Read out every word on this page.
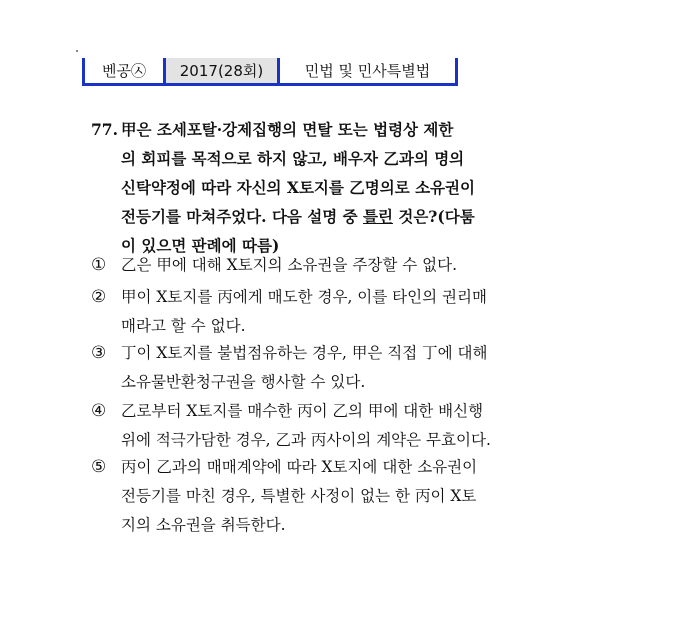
벤공㉦	2017(28회)	민법 및 민사특별법
77. 甲은 조세포탈·강제집행의 면탈 또는 법령상 제한
의 회피를 목적으로 하지 않고, 배우자 乙과의 명의
신탁약정에 따라 자신의 X토지를 乙명의로 소유권이
전등기를 마쳐주었다. 다음 설명 중 틀린 것은?(다툼
이 있으면 판례에 따름)
① 乙은 甲에 대해 X토지의 소유권을 주장할 수 없다.
② 甲이 X토지를 丙에게 매도한 경우, 이를 타인의 권리매
매라고 할 수 없다.
③ 丁이 X토지를 불법점유하는 경우, 甲은 직접 丁에 대해
소유물반환청구권을 행사할 수 있다.
④ 乙로부터 X토지를 매수한 丙이 乙의 甲에 대한 배신행
위에 적극가담한 경우, 乙과 丙사이의 계약은 무효이다.
⑤ 丙이 乙과의 매매계약에 따라 X토지에 대한 소유권이
전등기를 마친 경우, 특별한 사정이 없는 한 丙이 X토
지의 소유권을 취득한다.
